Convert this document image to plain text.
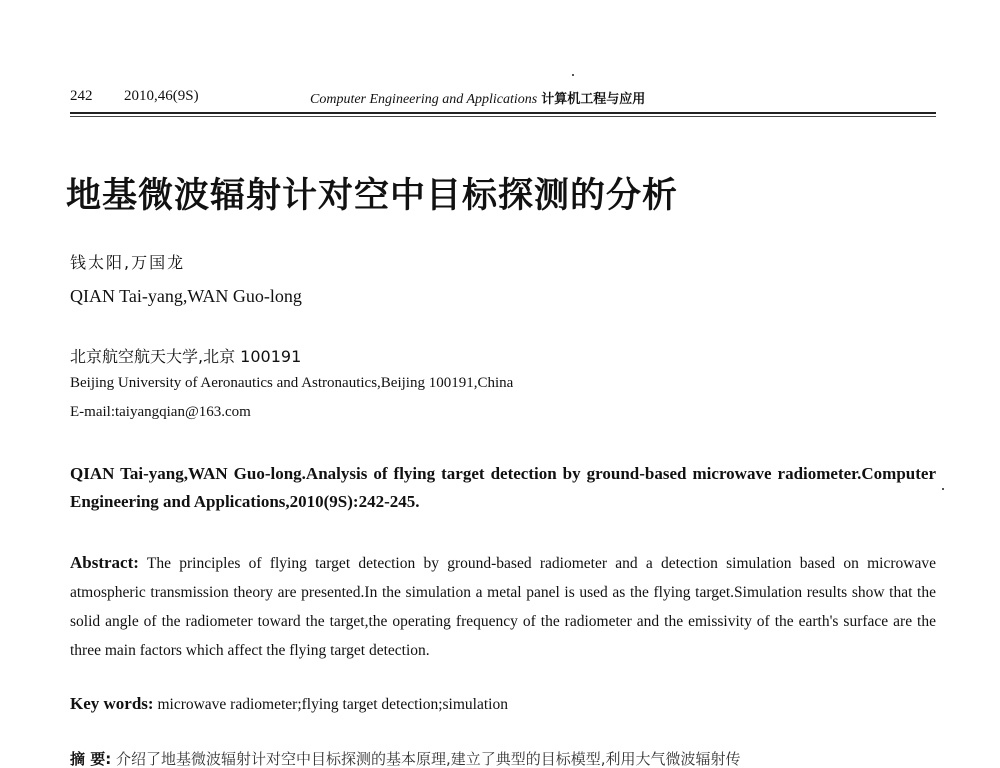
242 2010,46(9S)	Computer Engineering and Applications 计算机工程与应用
地基微波辐射计对空中目标探测的分析
钱太阳,万国龙
QIAN Tai-yang,WAN Guo-long
北京航空航天大学,北京 100191
Beijing University of Aeronautics and Astronautics,Beijing 100191,China
E-mail:taiyangqian@163.com
QIAN Tai-yang,WAN Guo-long.Analysis of flying target detection by ground-based microwave radiometer.Computer Engineering and Applications,2010(9S):242-245.
Abstract: The principles of flying target detection by ground-based radiometer and a detection simulation based on microwave atmospheric transmission theory are presented.In the simulation a metal panel is used as the flying target.Simulation results show that the solid angle of the radiometer toward the target,the operating frequency of the radiometer and the emissivity of the earth's surface are the three main factors which affect the flying target detection.
Key words: microwave radiometer;flying target detection;simulation
摘 要: 介绍了地基微波辐射计对空中目标探测的基本原理,建立了典型的目标模型,利用大气微波辐射传
